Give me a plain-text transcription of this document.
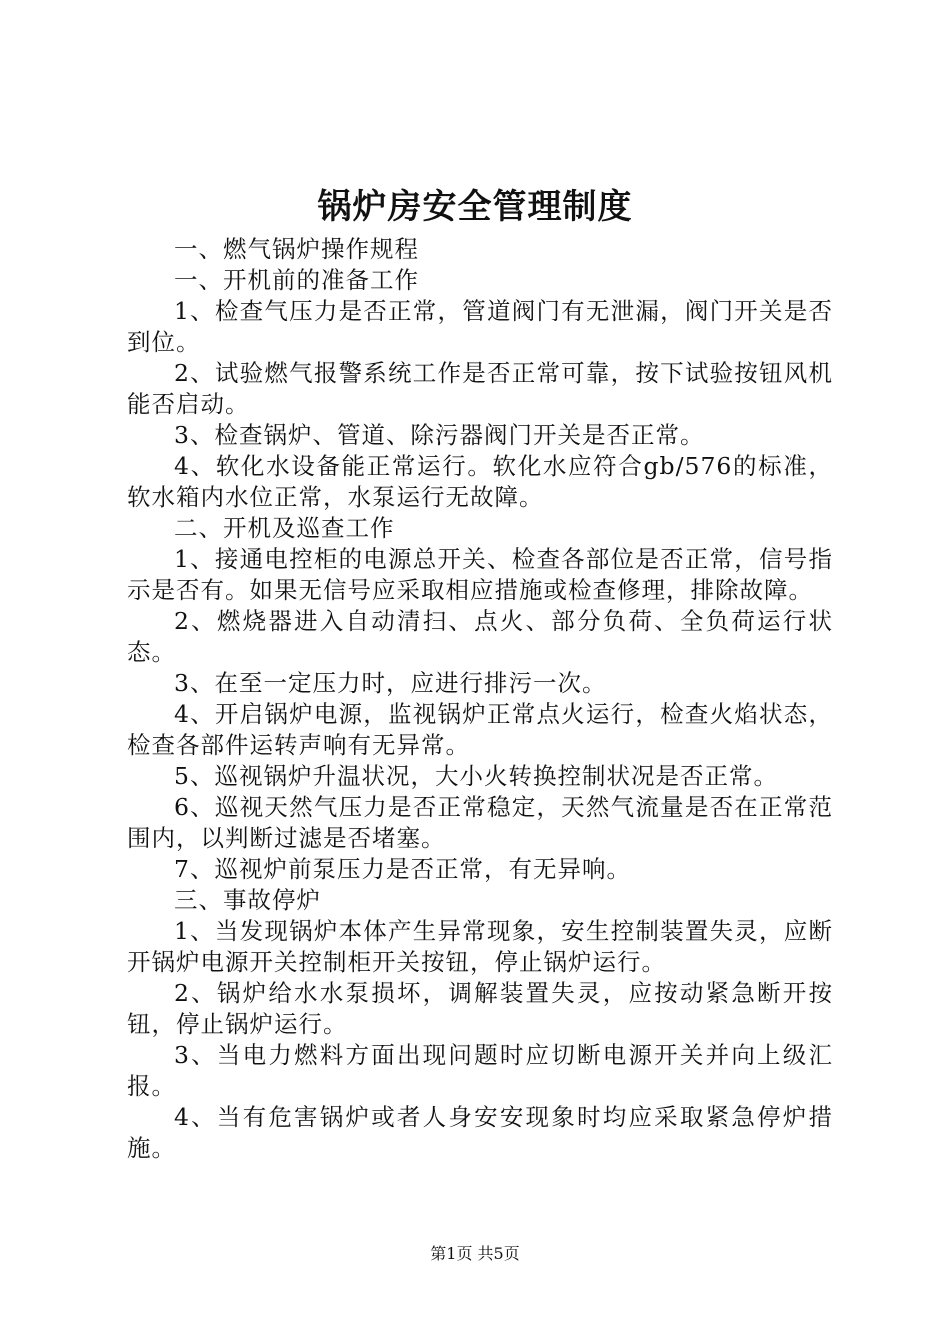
锅炉房安全管理制度

一、燃气锅炉操作规程

一、开机前的准备工作

1、检查气压力是否正常，管道阀门有无泄漏，阀门开关是否到位。

2、试验燃气报警系统工作是否正常可靠，按下试验按钮风机能否启动。

3、检查锅炉、管道、除污器阀门开关是否正常。

4、软化水设备能正常运行。软化水应符合gb/576的标准，软水箱内水位正常，水泵运行无故障。

二、开机及巡查工作

1、接通电控柜的电源总开关、检查各部位是否正常，信号指示是否有。如果无信号应采取相应措施或检查修理，排除故障。

2、燃烧器进入自动清扫、点火、部分负荷、全负荷运行状态。

3、在至一定压力时，应进行排污一次。

4、开启锅炉电源，监视锅炉正常点火运行，检查火焰状态，检查各部件运转声响有无异常。

5、巡视锅炉升温状况，大小火转换控制状况是否正常。

6、巡视天然气压力是否正常稳定，天然气流量是否在正常范围内，以判断过滤是否堵塞。

7、巡视炉前泵压力是否正常，有无异响。

三、事故停炉

1、当发现锅炉本体产生异常现象，安生控制装置失灵，应断开锅炉电源开关控制柜开关按钮，停止锅炉运行。

2、锅炉给水水泵损坏，调解装置失灵，应按动紧急断开按钮，停止锅炉运行。

3、当电力燃料方面出现问题时应切断电源开关并向上级汇报。

4、当有危害锅炉或者人身安安现象时均应采取紧急停炉措施。

第1页 共5页
